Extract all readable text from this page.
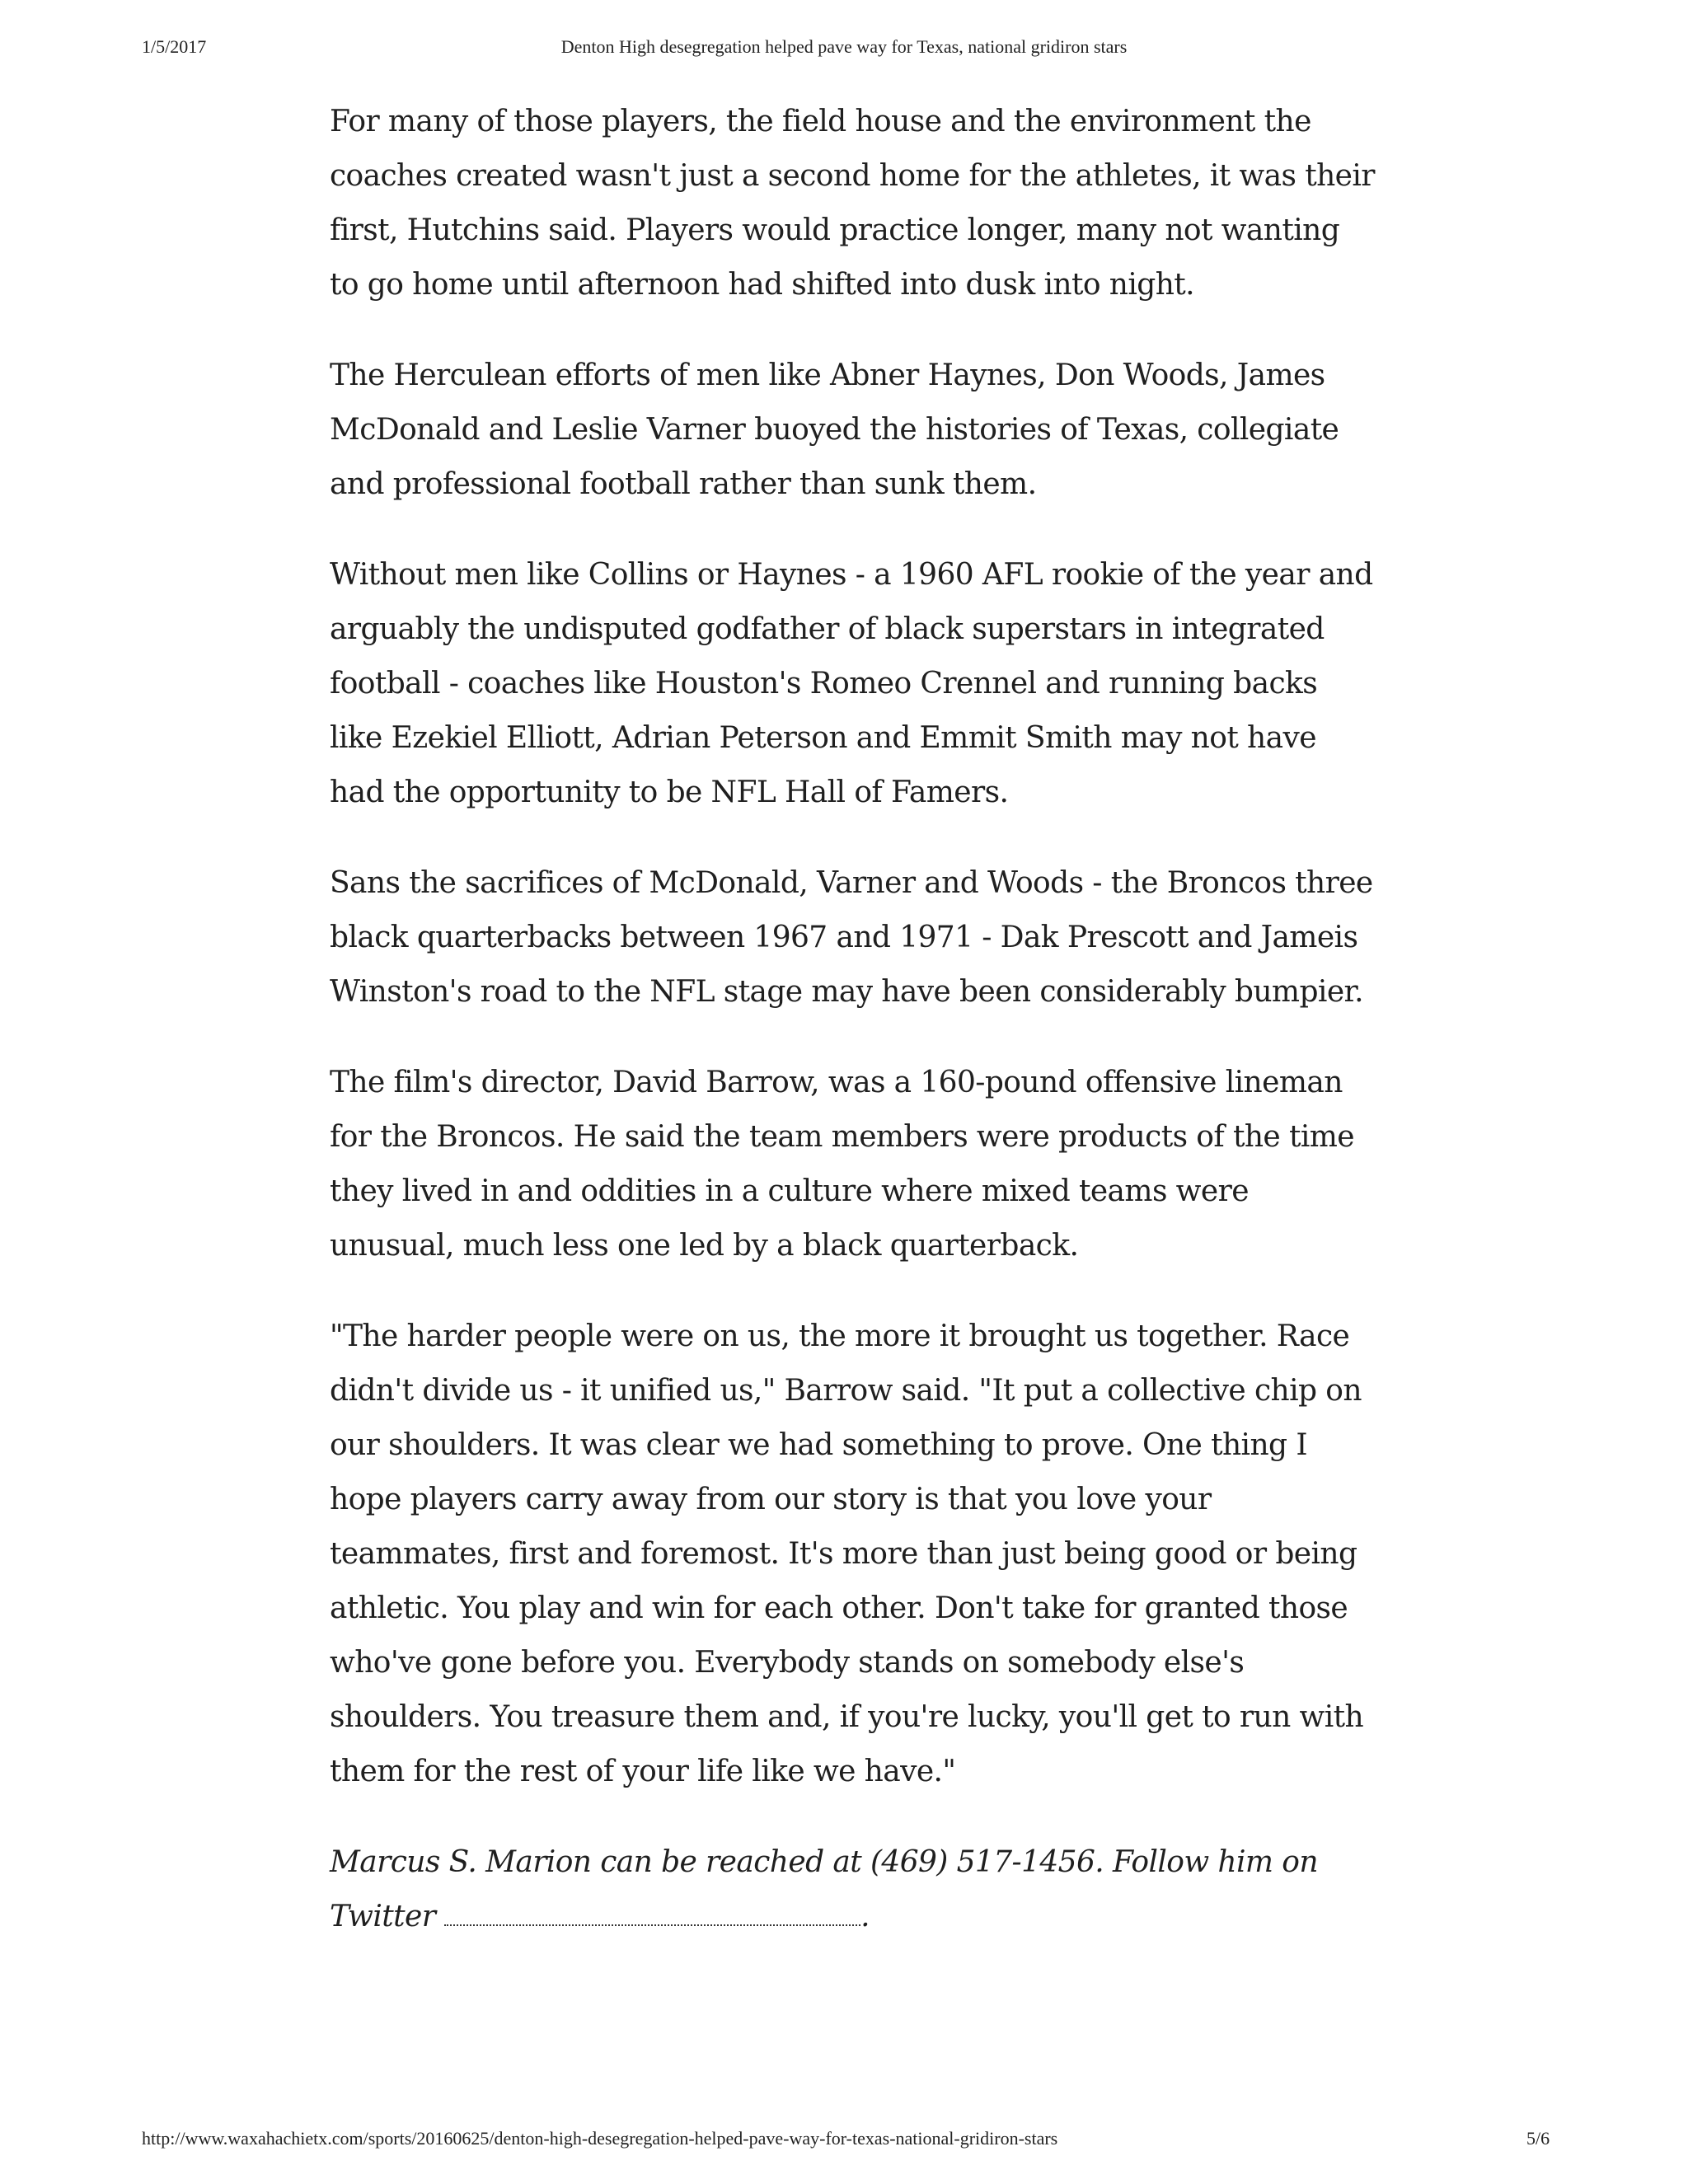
1/5/2017	Denton High desegregation helped pave way for Texas, national gridiron stars

For many of those players, the field house and the environment the coaches created wasn't just a second home for the athletes, it was their first, Hutchins said. Players would practice longer, many not wanting to go home until afternoon had shifted into dusk into night.

The Herculean efforts of men like Abner Haynes, Don Woods, James McDonald and Leslie Varner buoyed the histories of Texas, collegiate and professional football rather than sunk them.

Without men like Collins or Haynes - a 1960 AFL rookie of the year and arguably the undisputed godfather of black superstars in integrated football - coaches like Houston's Romeo Crennel and running backs like Ezekiel Elliott, Adrian Peterson and Emmit Smith may not have had the opportunity to be NFL Hall of Famers.

Sans the sacrifices of McDonald, Varner and Woods - the Broncos three black quarterbacks between 1967 and 1971 - Dak Prescott and Jameis Winston's road to the NFL stage may have been considerably bumpier.

The film's director, David Barrow, was a 160-pound offensive lineman for the Broncos. He said the team members were products of the time they lived in and oddities in a culture where mixed teams were unusual, much less one led by a black quarterback.

"The harder people were on us, the more it brought us together. Race didn't divide us - it unified us," Barrow said. "It put a collective chip on our shoulders. It was clear we had something to prove. One thing I hope players carry away from our story is that you love your teammates, first and foremost. It's more than just being good or being athletic. You play and win for each other. Don't take for granted those who've gone before you. Everybody stands on somebody else's shoulders. You treasure them and, if you're lucky, you'll get to run with them for the rest of your life like we have."

Marcus S. Marion can be reached at (469) 517-1456. Follow him on Twitter	.

http://www.waxahachietx.com/sports/20160625/denton-high-desegregation-helped-pave-way-for-texas-national-gridiron-stars	5/6
